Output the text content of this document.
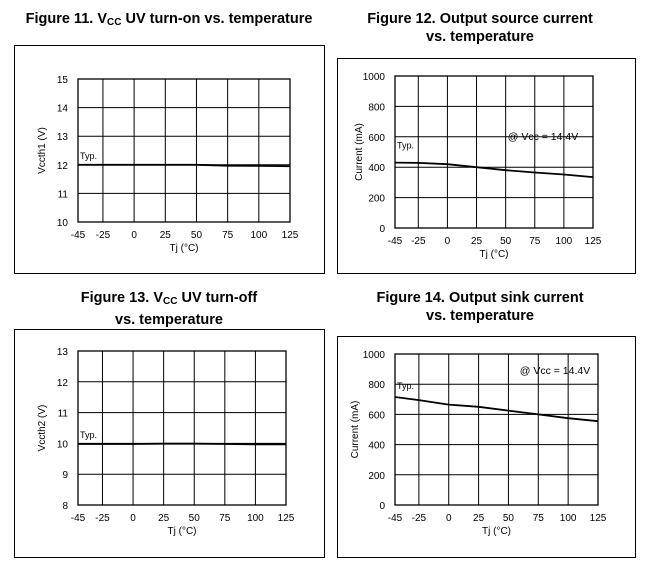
Figure 11. $V_{CC}$ UV turn-on vs. temperature	Figure 12. Output source current
vs. temperature
Figure 13. $V_{CC}$ UV turn-off
vs. temperature
Figure 14. Output sink current
vs. temperature
-45 -25 0 25 50 75 100 125
10
11
12
13
14
15
Tj (°C)
Vccth1 (V)	Typ.
-45 -25 0 25 50 75 100 125
0
200
400
600
800
1000
Tj (°C)
Current (mA)	Typ.
@ Vcc = 14.4V
-45 -25 0 25 50 75 100 125
8
9
10
11
12
13
Tj (°C)
Vccth2 (V)	Typ.
-45 -25 0 25 50 75 100 125
0
200
400
600
800
1000
Tj (°C)
Current (mA)
Typ.
@ Vcc = 14.4V
